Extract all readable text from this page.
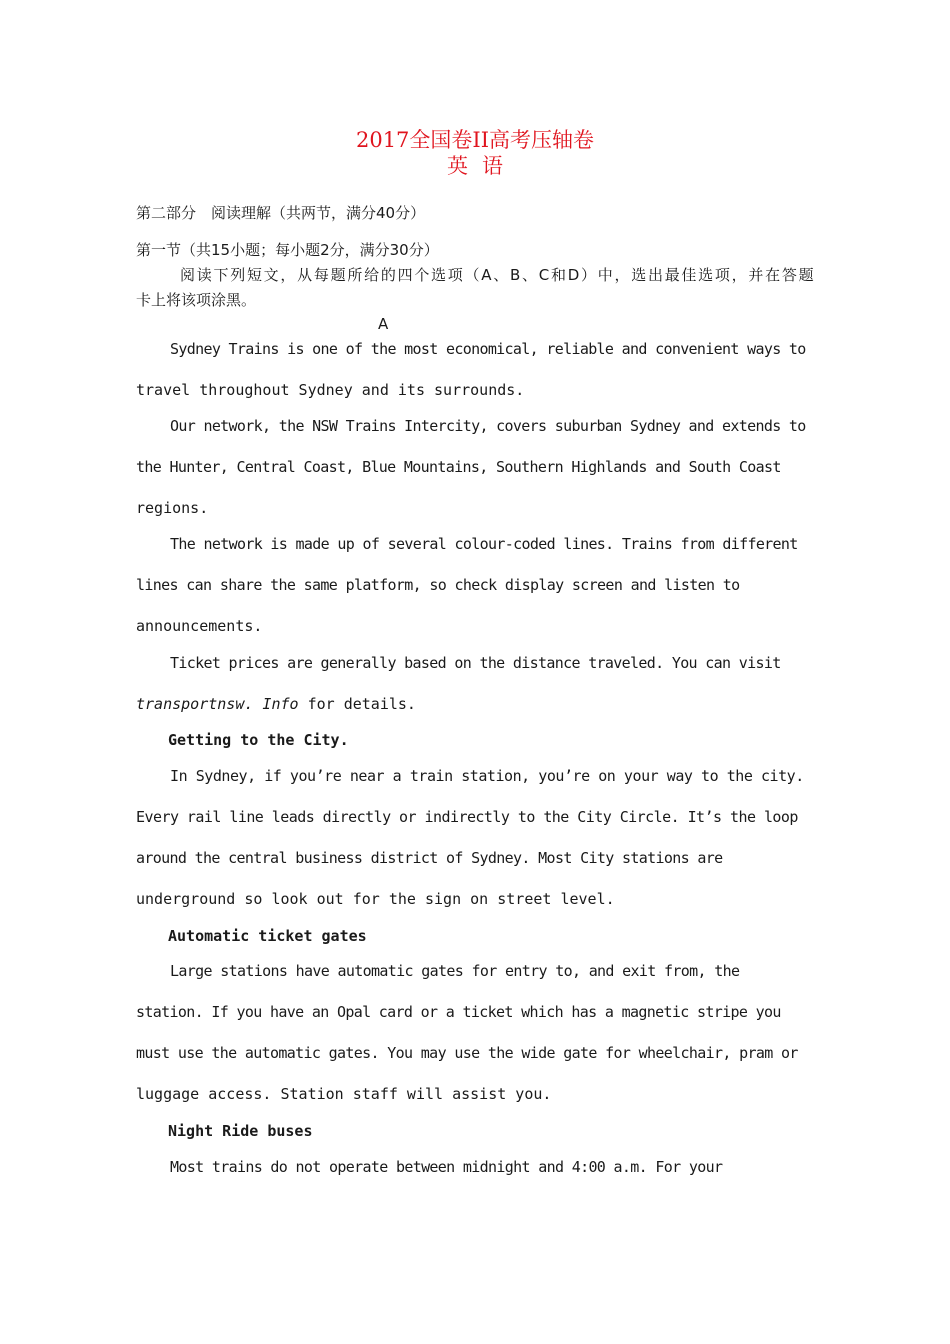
2017全国卷II高考压轴卷
英语
第二部分　阅读理解（共两节，满分40分）
第一节（共15小题；每小题2分，满分30分）
阅读下列短文，从每题所给的四个选项（A、B、C和D）中，选出最佳选项，并在答题
卡上将该项涂黑。
A
Sydney Trains is one of the most economical, reliable and convenient ways to
travel throughout Sydney and its surrounds.
Our network, the NSW Trains Intercity, covers suburban Sydney and extends to
the Hunter, Central Coast, Blue Mountains, Southern Highlands and South Coast
regions.
The network is made up of several colour-coded lines. Trains from different
lines can share the same platform, so check display screen and listen to
announcements.
Ticket prices are generally based on the distance traveled. You can visit
transportnsw. Info for details.
Getting to the City.
In Sydney, if you’re near a train station, you’re on your way to the city.
Every rail line leads directly or indirectly to the City Circle. It’s the loop
around the central business district of Sydney. Most City stations are
underground so look out for the sign on street level.
Automatic ticket gates
Large stations have automatic gates for entry to, and exit from, the
station. If you have an Opal card or a ticket which has a magnetic stripe you
must use the automatic gates. You may use the wide gate for wheelchair, pram or
luggage access. Station staff will assist you.
Night Ride buses
Most trains do not operate between midnight and 4:00 a.m. For your
